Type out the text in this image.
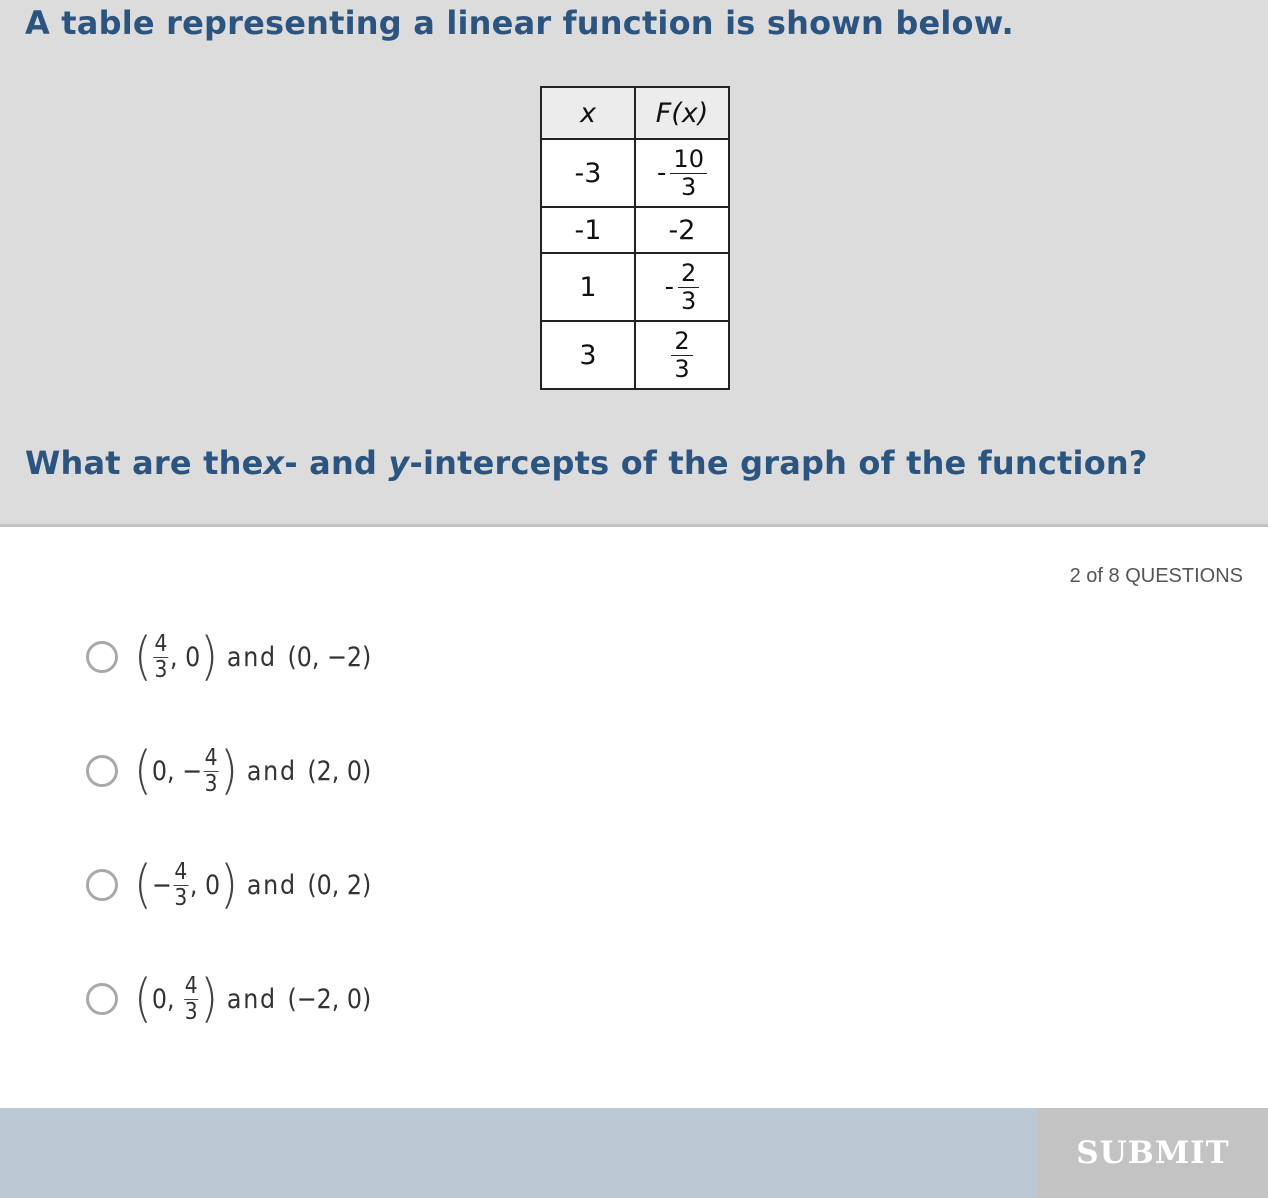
A table representing a linear function is shown below.

x	F(x)
-3	- $\frac{10}{3}$

-1	-2
1	- $\frac{2}{3}$

3	$\frac{2}{3}$

What are thex- and y-intercepts of the graph of the function?

2 of 8 QUESTIONS
( $\frac{4}{3}$ , 0 ) and (0, −2)
( 0, − $\frac{4}{3}$ ) and (2, 0)
( − $\frac{4}{3}$ , 0 ) and (0, 2)
( 0, $\frac{4}{3}$ ) and (−2, 0)
SUBMIT
